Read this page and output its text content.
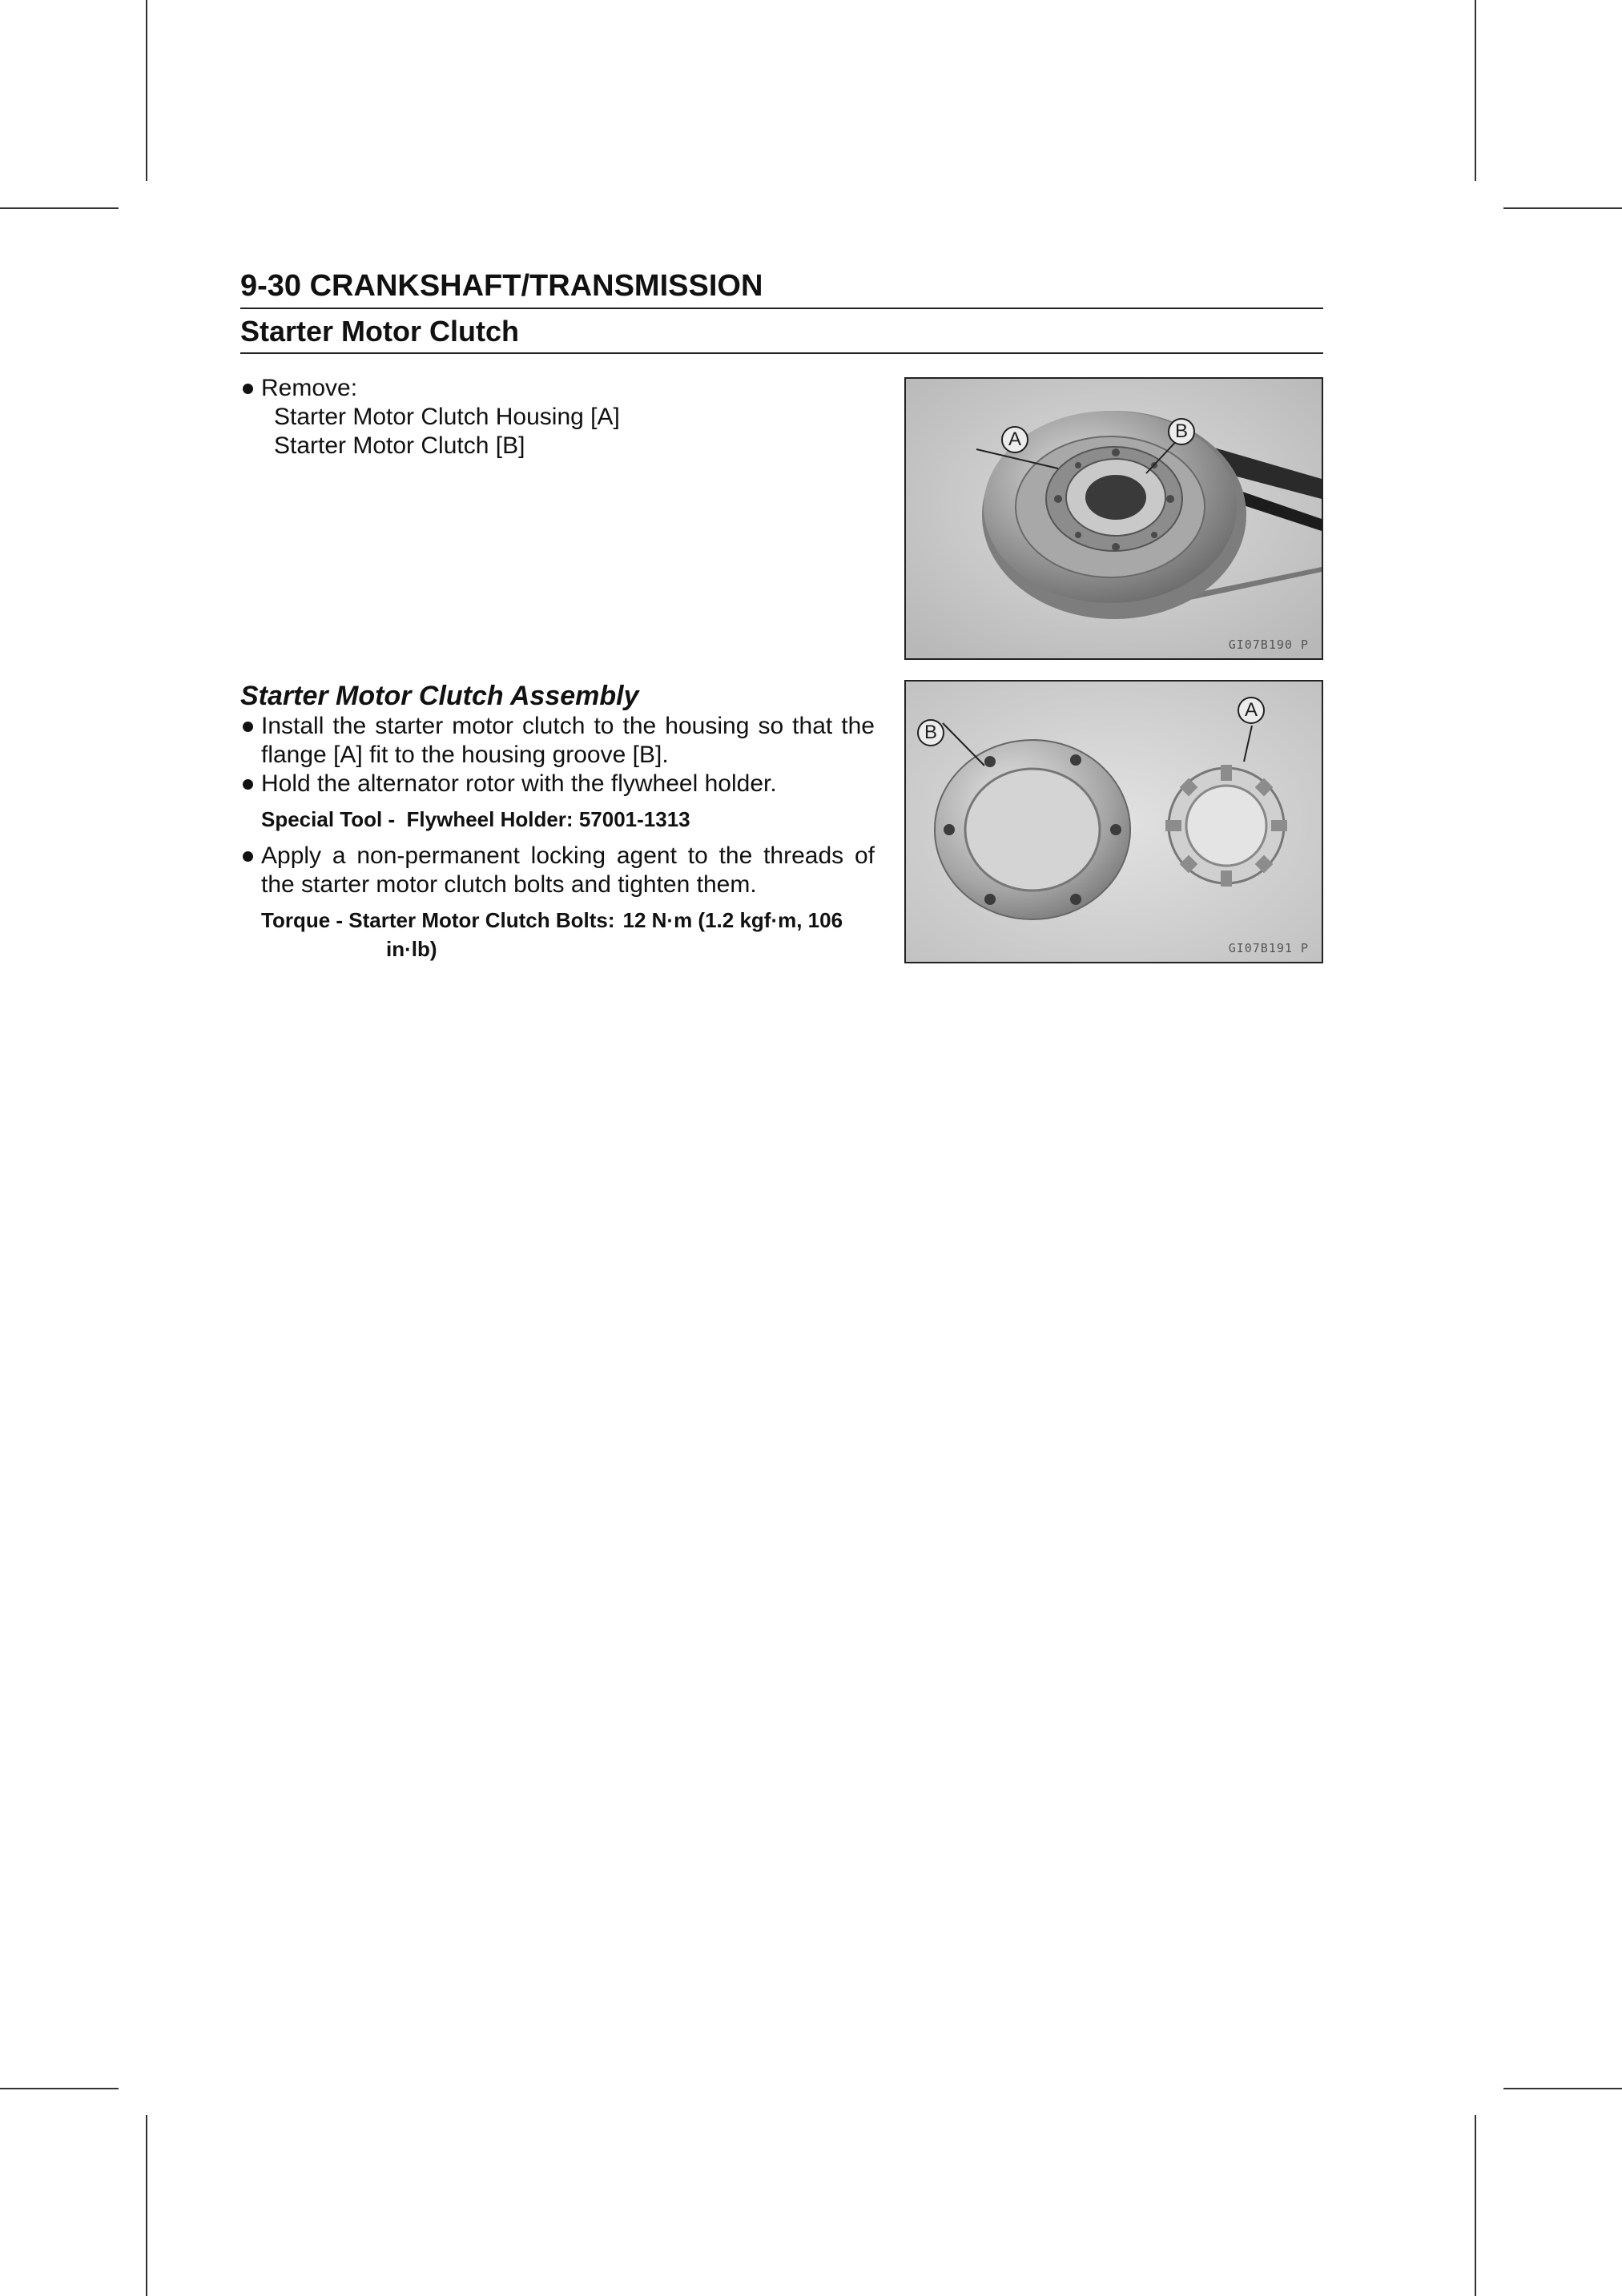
9-30 CRANKSHAFT/TRANSMISSION
Starter Motor Clutch
Remove:
Starter Motor Clutch Housing [A]
Starter Motor Clutch [B]	A	B
GI07B190 P
Starter Motor Clutch Assembly
Install the starter motor clutch to the housing so that the flange [A] fit to the housing groove [B].
Hold the alternator rotor with the flywheel holder.
Special Tool -  Flywheel Holder: 57001-1313
Apply a non-permanent locking agent to the threads of the starter motor clutch bolts and tighten them.
Torque - Starter Motor Clutch Bolts: 12 N·m (1.2 kgf·m, 106
in·lb)
B
A
GI07B191 P
